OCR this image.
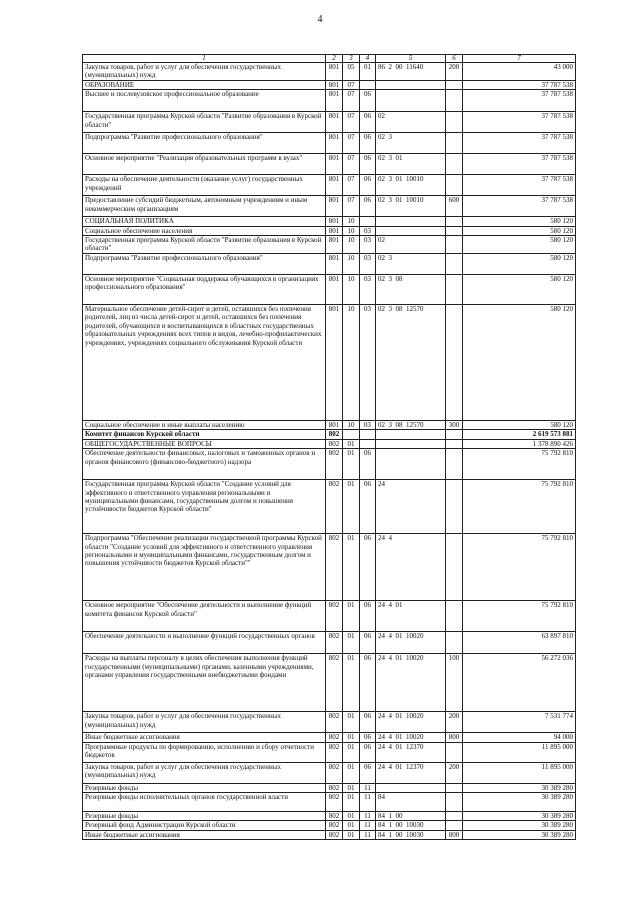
4
1	2	3	4	5	6	7
Закупка товаров, работ и услуг для обеспечения государственных (муниципальных) нужд	801	05	01	86  2  00  11640	200	43 000
ОБРАЗОВАНИЕ	801	07				37 787 538
Высшее и послевузовское профессиональное образование	801	07	06			37 787 538
Государственная программа Курской области "Развитие образования в Курской области"	801	07	06	02		37 787 538
Подпрограмма "Развитие профессионального образования"	801	07	06	02  3		37 787 538
Основное мероприятие "Реализация образовательных программ в вузах"	801	07	06	02  3  01		37 787 538
Расходы на обеспечение деятельности (оказание услуг) государственных учреждений	801	07	06	02  3  01  10010		37 787 538
Предоставление субсидий бюджетным, автономным учреждениям и иным некоммерческим организациям	801	07	06	02  3  01  10010	600	37 787 538
СОЦИАЛЬНАЯ ПОЛИТИКА	801	10				580 120
Социальное обеспечение населения	801	10	03			580 120
Государственная программа Курской области "Развитие образования в Курской области"	801	10	03	02		580 120
Подпрограмма "Развитие профессионального образования"	801	10	03	02  3		580 120
Основное мероприятие "Социальная поддержка обучающихся в организациях профессионального образования"	801	10	03	02  3  08		580 120
Материальное обеспечение детей-сирот и детей, оставшихся без попечения родителей, лиц из числа детей-сирот и детей, оставшихся без попечения родителей, обучающихся и воспитывающихся в областных государственных образовательных учреждениях всех типов и видов, лечебно-профилактических учреждениях, учреждениях социального обслуживания Курской области	801	10	03	02  3  08  12570		580 120
Социальное обеспечение и иные выплаты населению	801	10	03	02  3  08  12570	300	580 120
Комитет финансов Курской области	802					2 619 573 881
ОБЩЕГОСУДАРСТВЕННЫЕ ВОПРОСЫ	802	01				1 378 890 426
Обеспечение деятельности финансовых, налоговых и таможенных органов и органов финансового (финансово-бюджетного) надзора	802	01	06			75 792 810
Государственная программа Курской области "Создание условий для эффективного и ответственного управления региональными и муниципальными финансами, государственным долгом и повышения устойчивости бюджетов Курской области"	802	01	06	24		75 792 810
Подпрограмма "Обеспечение реализации государственной программы Курской области "Создание условий для эффективного и ответственного управления региональными и муниципальными финансами, государственным долгом и повышения устойчивости бюджетов Курской области""	802	01	06	24  4		75 792 810
Основное мероприятие "Обеспечение деятельности и выполнение функций комитета финансов Курской области"	802	01	06	24  4  01		75 792 810
Обеспечение деятельности и выполнение функций государственных органов	802	01	06	24  4  01  10020		63 897 810
Расходы на выплаты персоналу в целях обеспечения выполнения функций государственными (муниципальными) органами, казенными учреждениями, органами управления государственными внебюджетными фондами	802	01	06	24  4  01  10020	100	56 272 036
Закупка товаров, работ и услуг для обеспечения государственных (муниципальных) нужд	802	01	06	24  4  01  10020	200	7 531 774
Иные бюджетные ассигнования	802	01	06	24  4  01  10020	800	94 000
Программные продукты по формированию, исполнению и сбору отчетности бюджетов	802	01	06	24  4  01  12370		11 895 000
Закупка товаров, работ и услуг для обеспечения государственных (муниципальных) нужд	802	01	06	24  4  01  12370	200	11 895 000
Резервные фонды	802	01	11			30 389 280
Резервные фонды исполнительных органов государственной власти	802	01	11	84		30 389 280
Резервные фонды	802	01	11	84  1  00		30 389 280
Резервный фонд Администрации Курской области	802	01	11	84  1  00  10030		30 389 280
Иные бюджетные ассигнования	802	01	11	84  1  00  10030	800	30 389 280
